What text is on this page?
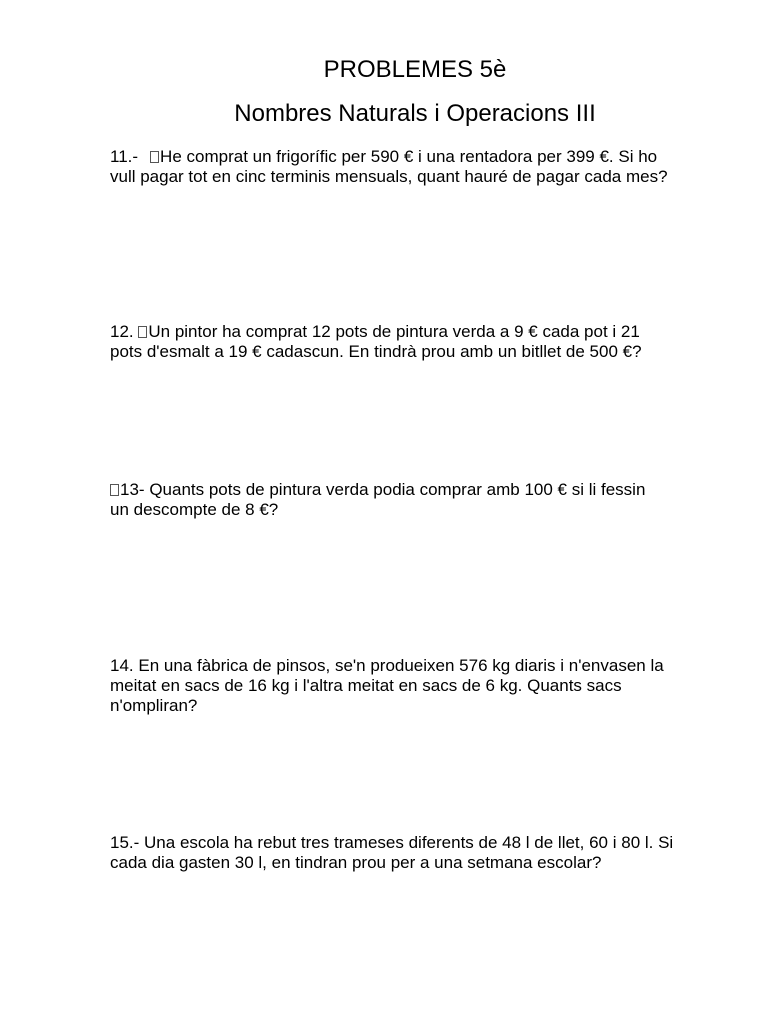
PROBLEMES 5è
Nombres Naturals i Operacions III
11.- He comprat un frigorífic per 590 € i una rentadora per 399 €. Si ho
vull pagar tot en cinc terminis mensuals, quant hauré de pagar cada mes?
12. Un pintor ha comprat 12 pots de pintura verda a 9 € cada pot i 21
pots d'esmalt a 19 € cadascun. En tindrà prou amb un bitllet de 500 €?
13- Quants pots de pintura verda podia comprar amb 100 € si li fessin
un descompte de 8 €?
14. En una fàbrica de pinsos, se'n produeixen 576 kg diaris i n'envasen la
meitat en sacs de 16 kg i l'altra meitat en sacs de 6 kg. Quants sacs
n'ompliran?
15.- Una escola ha rebut tres trameses diferents de 48 l de llet, 60 i 80 l. Si
cada dia gasten 30 l, en tindran prou per a una setmana escolar?
